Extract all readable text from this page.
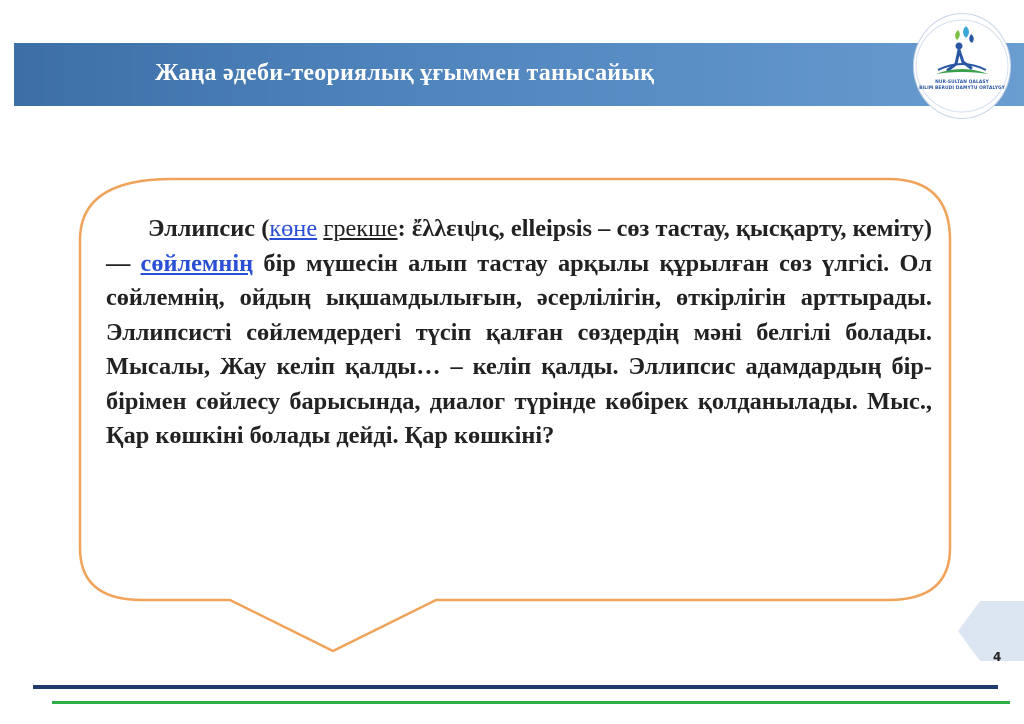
Жаңа әдеби-теориялық ұғыммен танысайық	NUR-SULTAN QALASY
BILIM BERUDI DAMYTU ORTALYGY
Эллипсис (көне грекше: ἔλλειψις, elleipsis – сөз тастау, қысқарту, кеміту) — сөйлемнің бір мүшесін алып тастау арқылы құрылған сөз үлгісі. Ол сөйлемнің, ойдың ықшамдылығын, әсерлілігін, өткірлігін арттырады. Эллипсисті сөйлемдердегі түсіп қалған сөздердің мәні белгілі болады. Мысалы, Жау келіп қалды… – келіп қалды. Эллипсис адамдардың бір-бірімен сөйлесу барысында, диалог түрінде көбірек қолданылады. Мыс., Қар көшкіні болады дейді. Қар көшкіні?
4
